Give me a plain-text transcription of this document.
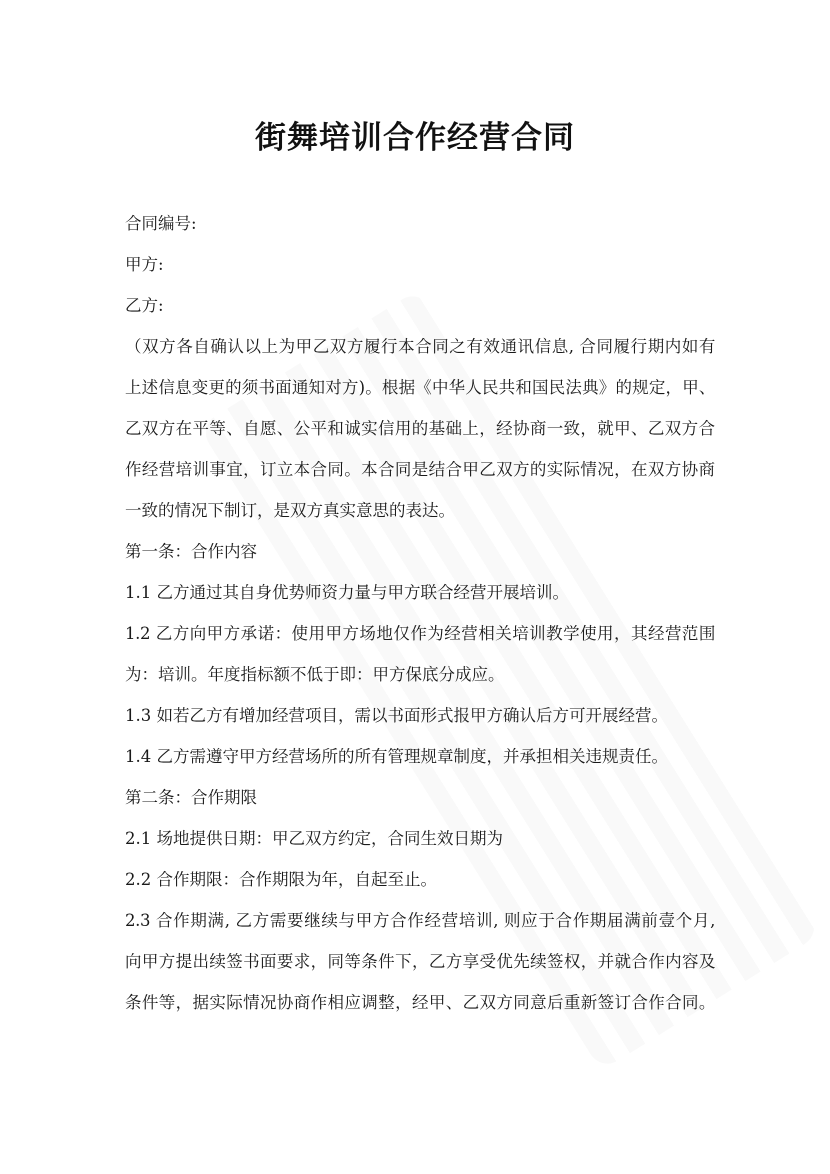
街舞培训合作经营合同
合同编号:
甲方:
乙方:
（双方各自确认以上为甲乙双方履行本合同之有效通讯信息, 合同履行期内如有
上述信息变更的须书面通知对方)。根据《中华人民共和国民法典》的规定，甲、
乙双方在平等、自愿、公平和诚实信用的基础上，经协商一致，就甲、乙双方合
作经营培训事宜，订立本合同。本合同是结合甲乙双方的实际情况，在双方协商
一致的情况下制订，是双方真实意思的表达。
第一条：合作内容
1.1 乙方通过其自身优势师资力量与甲方联合经营开展培训。
1.2 乙方向甲方承诺：使用甲方场地仅作为经营相关培训教学使用，其经营范围
为：培训。年度指标额不低于即：甲方保底分成应。
1.3 如若乙方有增加经营项目，需以书面形式报甲方确认后方可开展经营。
1.4 乙方需遵守甲方经营场所的所有管理规章制度，并承担相关违规责任。
第二条：合作期限
2.1 场地提供日期：甲乙双方约定，合同生效日期为
2.2 合作期限：合作期限为年，自起至止。
2.3 合作期满, 乙方需要继续与甲方合作经营培训, 则应于合作期届满前壹个月,
向甲方提出续签书面要求，同等条件下，乙方享受优先续签权，并就合作内容及
条件等，据实际情况协商作相应调整，经甲、乙双方同意后重新签订合作合同。
